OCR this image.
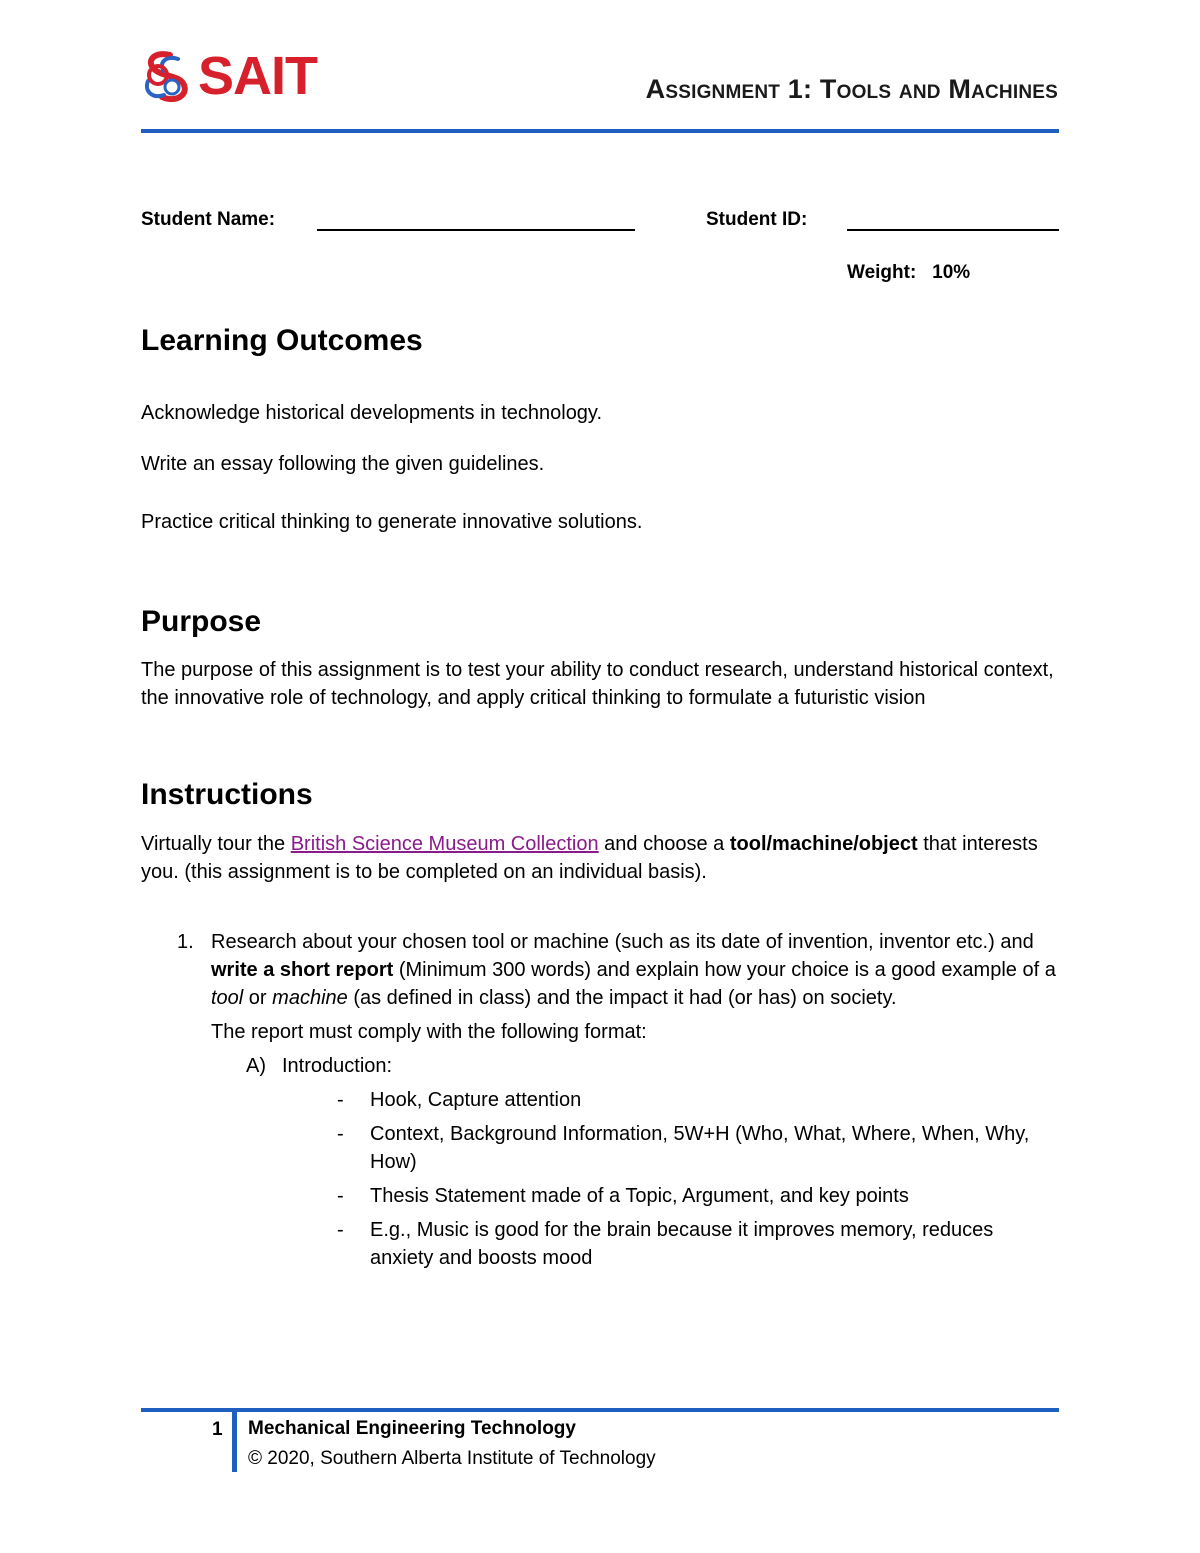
SAIT	Assignment 1: Tools and Machines
Student Name:	Student ID:
Weight: 10%
Learning Outcomes
Acknowledge historical developments in technology.
Write an essay following the given guidelines.
Practice critical thinking to generate innovative solutions.
Purpose
The purpose of this assignment is to test your ability to conduct research, understand historical context, the innovative role of technology, and apply critical thinking to formulate a futuristic vision
Instructions
Virtually tour the British Science Museum Collection and choose a tool/machine/object that interests you. (this assignment is to be completed on an individual basis).
1. Research about your chosen tool or machine (such as its date of invention, inventor etc.) and write a short report (Minimum 300 words) and explain how your choice is a good example of a tool or machine (as defined in class) and the impact it had (or has) on society.
The report must comply with the following format:
A) Introduction:
- Hook, Capture attention
- Context, Background Information, 5W+H (Who, What, Where, When, Why, How)
- Thesis Statement made of a Topic, Argument, and key points
- E.g., Music is good for the brain because it improves memory, reduces anxiety and boosts mood
1 Mechanical Engineering Technology
© 2020, Southern Alberta Institute of Technology
